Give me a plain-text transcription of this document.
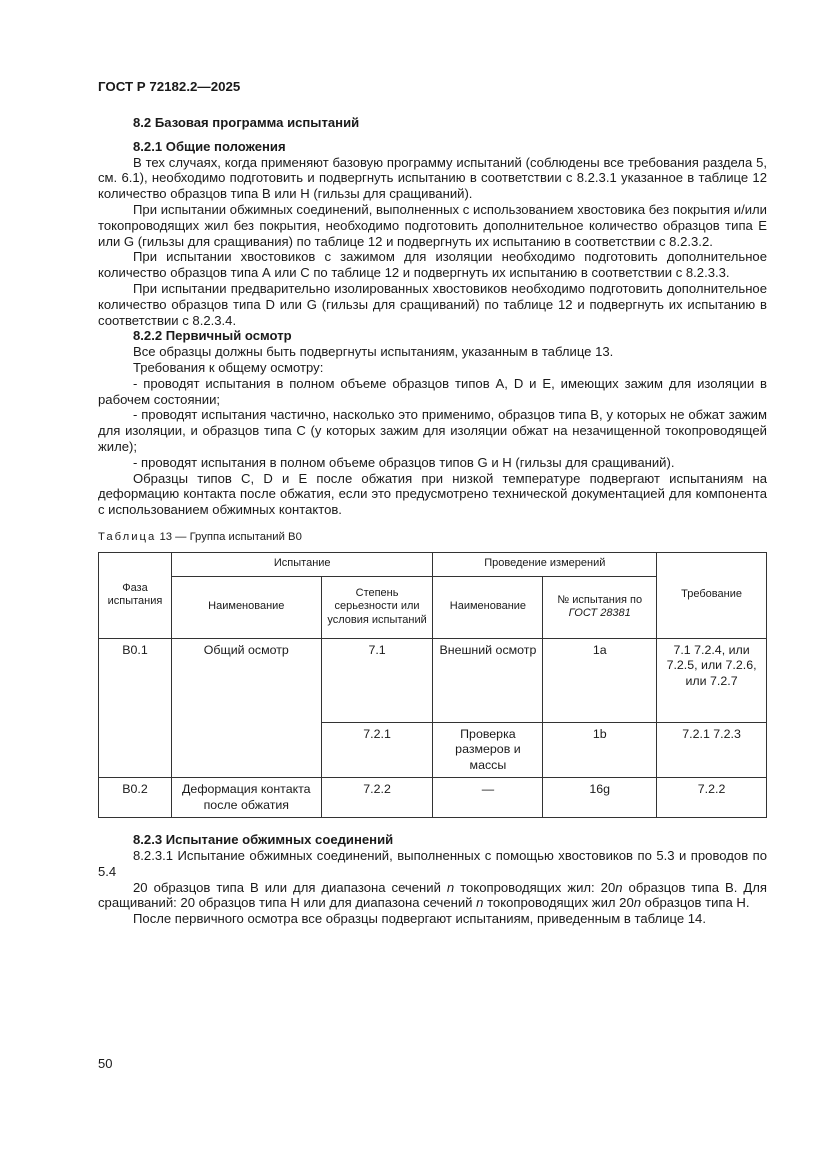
ГОСТ Р 72182.2—2025

8.2 Базовая программа испытаний

8.2.1 Общие положения

В тех случаях, когда применяют базовую программу испытаний (соблюдены все требования раздела 5, см. 6.1), необходимо подготовить и подвергнуть испытанию в соответствии с 8.2.3.1 указанное в таблице 12 количество образцов типа В или Н (гильзы для сращиваний).

При испытании обжимных соединений, выполненных с использованием хвостовика без покрытия и/или токопроводящих жил без покрытия, необходимо подготовить дополнительное количество образцов типа Е или G (гильзы для сращивания) по таблице 12 и подвергнуть их испытанию в соответствии с 8.2.3.2.

При испытании хвостовиков с зажимом для изоляции необходимо подготовить дополнительное количество образцов типа А или С по таблице 12 и подвергнуть их испытанию в соответствии с 8.2.3.3.

При испытании предварительно изолированных хвостовиков необходимо подготовить дополнительное количество образцов типа D или G (гильзы для сращиваний) по таблице 12 и подвергнуть их испытанию в соответствии с 8.2.3.4.

8.2.2 Первичный осмотр

Все образцы должны быть подвергнуты испытаниям, указанным в таблице 13.

Требования к общему осмотру:

- проводят испытания в полном объеме образцов типов А, D и Е, имеющих зажим для изоляции в рабочем состоянии;

- проводят испытания частично, насколько это применимо, образцов типа В, у которых не обжат зажим для изоляции, и образцов типа С (у которых зажим для изоляции обжат на незачищенной токопроводящей жиле);

- проводят испытания в полном объеме образцов типов G и Н (гильзы для сращиваний).

Образцы типов С, D и Е после обжатия при низкой температуре подвергают испытаниям на деформацию контакта после обжатия, если это предусмотрено технической документацией для компонента с использованием обжимных контактов.

Таблица 13 — Группа испытаний В0
Фаза испытания	Испытание		Проведение измерений		Требование
	Наименование	Степень серьезности или условия испытаний	Наименование	№ испытания по
ГОСТ 28381	
В0.1	Общий осмотр	7.1	Внешний осмотр	1a	7.1 7.2.4, или 7.2.5, или 7.2.6, или 7.2.7
		7.2.1	Проверка размеров и массы	1b	7.2.1 7.2.3
В0.2	Деформация контакта после обжатия	7.2.2	—	16g	7.2.2

8.2.3 Испытание обжимных соединений

8.2.3.1 Испытание обжимных соединений, выполненных с помощью хвостовиков по 5.3 и проводов по 5.4

20 образцов типа В или для диапазона сечений n токопроводящих жил: 20n образцов типа В. Для сращиваний: 20 образцов типа Н или для диапазона сечений n токопроводящих жил 20n образцов типа Н.

После первичного осмотра все образцы подвергают испытаниям, приведенным в таблице 14.

50
